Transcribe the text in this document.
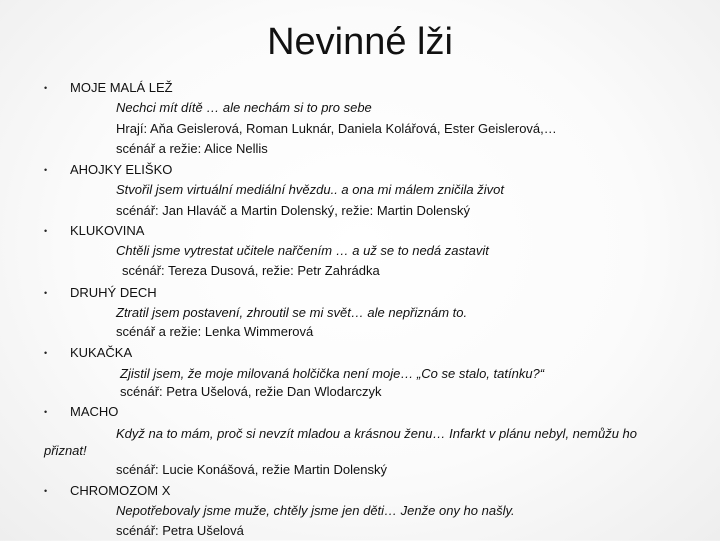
Nevinné lži
• MOJE MALÁ LEŽ
Nechci mít dítě … ale nechám si to pro sebe
Hrají: Aňa Geislerová, Roman Luknár, Daniela Kolářová, Ester Geislerová,…
scénář a režie: Alice Nellis
• AHOJKY ELIŠKO
Stvořil jsem virtuální mediální hvězdu.. a ona mi málem zničila život
scénář: Jan Hlaváč a Martin Dolenský, režie: Martin Dolenský
• KLUKOVINA
Chtěli jsme vytrestat učitele nařčením … a už se to nedá zastavit
scénář: Tereza Dusová, režie: Petr Zahrádka
• DRUHÝ DECH
Ztratil jsem postavení, zhroutil se mi svět… ale nepřiznám to.
scénář a režie: Lenka Wimmerová
• KUKAČKA
Zjistil jsem, že moje milovaná holčička není moje… „Co se stalo, tatínku?“
scénář: Petra Ušelová, režie Dan Wlodarczyk
• MACHO
Když na to mám, proč si nevzít mladou a krásnou ženu… Infarkt v plánu nebyl, nemůžu ho
přiznat!
scénář: Lucie Konášová, režie Martin Dolenský
• CHROMOZOM X
Nepotřebovaly jsme muže, chtěly jsme jen děti… Jenže ony ho našly.
scénář: Petra Ušelová
